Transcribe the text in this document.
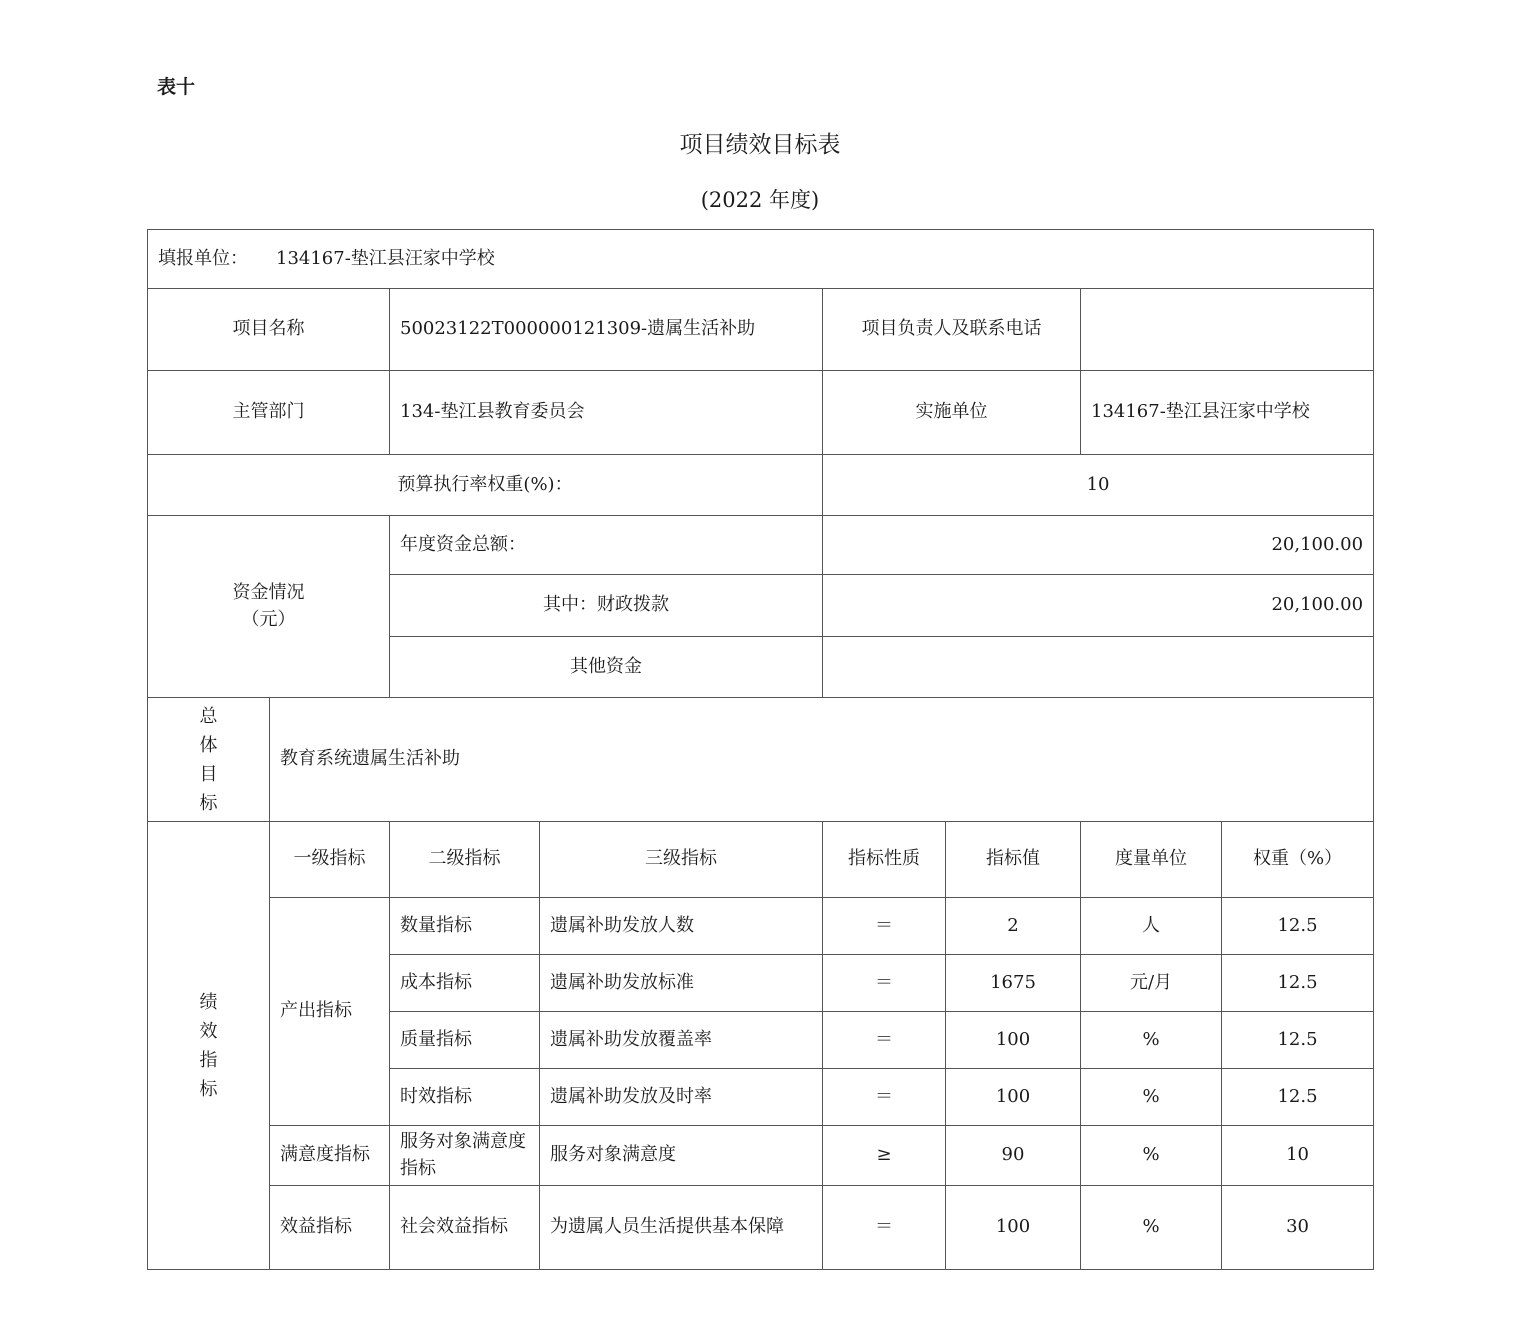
表十
项目绩效目标表
(2022 年度)
填报单位： 134167-垫江县汪家中学校							
项目名称		50023122T000000121309-遗属生活补助		项目负责人及联系电话			
主管部门		134-垫江县教育委员会		实施单位		134167-垫江县汪家中学校	
预算执行率权重(%)：				10			

资金情况
（元）		年度资金总额：		20,100.00			
		其中：财政拨款		20,100.00			
		其他资金					

总
体
目
标	教育系统遗属生活补助						

绩
效
指
标	一级指标	二级指标	三级指标	指标性质	指标值	度量单位	权重（%）
	产出指标	数量指标	遗属补助发放人数	＝	2	人	12.5
		成本指标	遗属补助发放标准	＝	1675	元/月	12.5
		质量指标	遗属补助发放覆盖率	＝	100	%	12.5
		时效指标	遗属补助发放及时率	＝	100	%	12.5
	满意度指标	服务对象满意度指标	服务对象满意度	≥	90	%	10
	效益指标	社会效益指标	为遗属人员生活提供基本保障	＝	100	%	30
